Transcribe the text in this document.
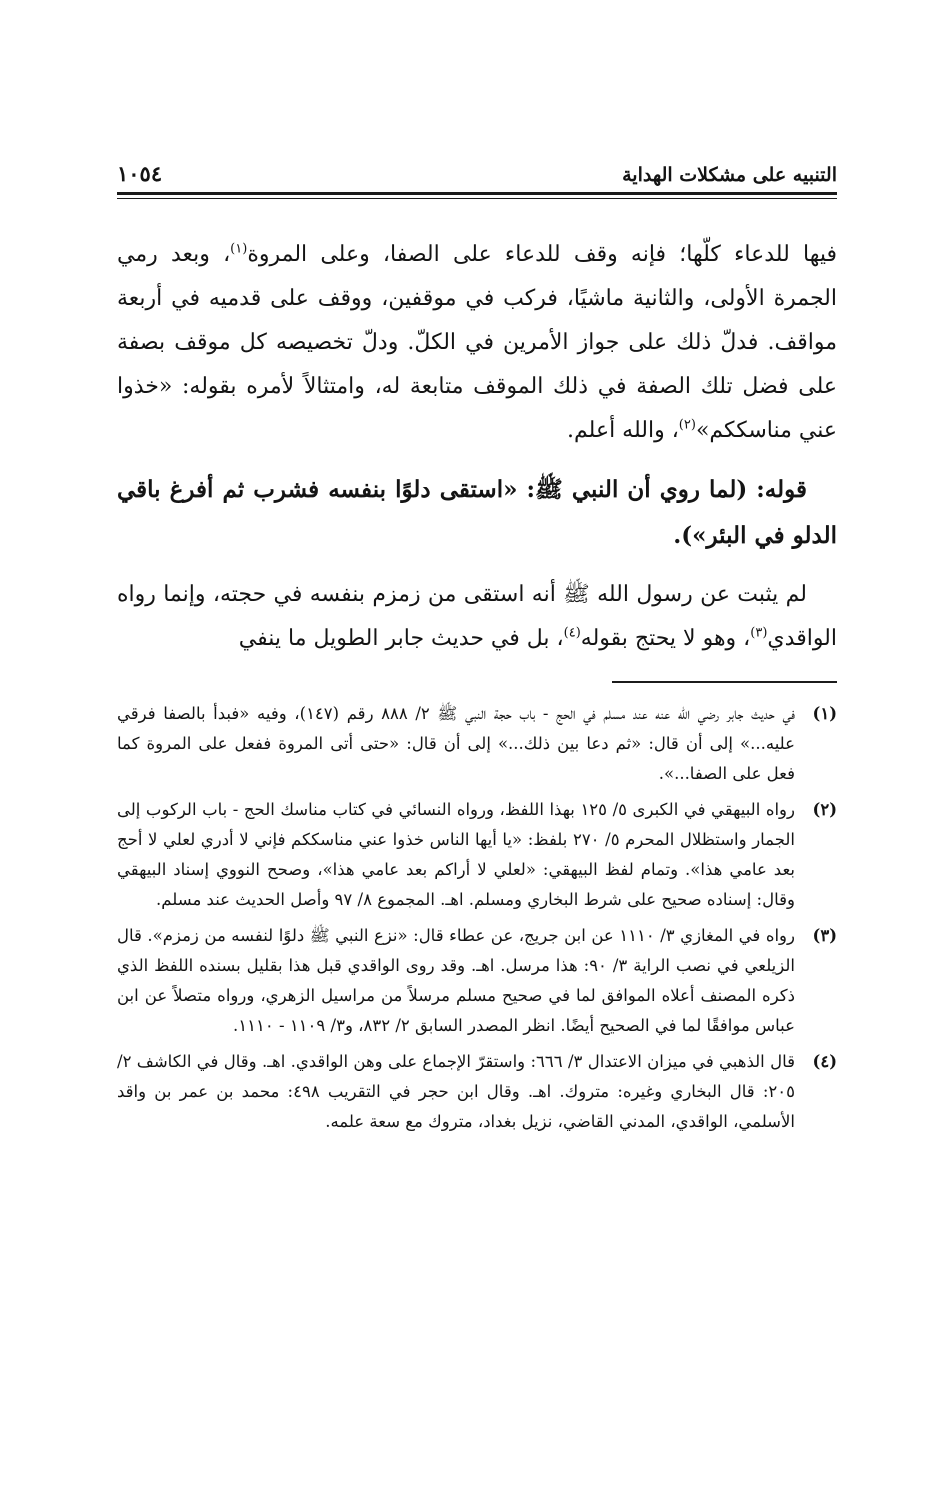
التنبيه على مشكلات الهداية
١٠٥٤

فيها للدعاء كلّها؛ فإنه وقف للدعاء على الصفا، وعلى المروة$^{(١)}$، وبعد رمي الجمرة الأولى، والثانية ماشيًا، فركب في موقفين، ووقف على قدميه في أربعة مواقف. فدلّ ذلك على جواز الأمرين في الكلّ. ودلّ تخصيصه كل موقف بصفة على فضل تلك الصفة في ذلك الموقف متابعة له، وامتثالاً لأمره بقوله: «خذوا عني مناسككم»$^{(٢)}$، والله أعلم.

قوله: (لما روي أن النبي ﷺ: «استقى دلوًا بنفسه فشرب ثم أفرغ باقي الدلو في البئر»).

لم يثبت عن رسول الله ﷺ أنه استقى من زمزم بنفسه في حجته، وإنما رواه الواقدي$^{(٣)}$، وهو لا يحتج بقوله$^{(٤)}$، بل في حديث جابر الطويل ما ينفي

(١)
في حديث جابر رضي الله عنه عند مسلم في الحج - باب حجة النبي ﷺ ٢/ ٨٨٨ رقم (١٤٧)، وفيه «فبدأ بالصفا فرقي عليه...» إلى أن قال: «ثم دعا بين ذلك...» إلى أن قال: «حتى أتى المروة ففعل على المروة كما فعل على الصفا...».
(٢)
رواه البيهقي في الكبرى ٥/ ١٢٥ بهذا اللفظ، ورواه النسائي في كتاب مناسك الحج - باب الركوب إلى الجمار واستظلال المحرم ٥/ ٢٧٠ بلفظ: «يا أيها الناس خذوا عني مناسككم فإني لا أدري لعلي لا أحج بعد عامي هذا». وتمام لفظ البيهقي: «لعلي لا أراكم بعد عامي هذا»، وصحح النووي إسناد البيهقي وقال: إسناده صحيح على شرط البخاري ومسلم. اهـ. المجموع ٨/ ٩٧ وأصل الحديث عند مسلم.
(٣)
رواه في المغازي ٣/ ١١١٠ عن ابن جريج، عن عطاء قال: «نزع النبي ﷺ دلوًا لنفسه من زمزم». قال الزيلعي في نصب الراية ٣/ ٩٠: هذا مرسل. اهـ. وقد روى الواقدي قبل هذا بقليل بسنده اللفظ الذي ذكره المصنف أعلاه الموافق لما في صحيح مسلم مرسلاً من مراسيل الزهري، ورواه متصلاً عن ابن عباس موافقًا لما في الصحيح أيضًا. انظر المصدر السابق ٢/ ٨٣٢، و٣/ ١١٠٩ - ١١١٠.
(٤)
قال الذهبي في ميزان الاعتدال ٣/ ٦٦٦: واستقرّ الإجماع على وهن الواقدي. اهـ. وقال في الكاشف ٢/ ٢٠٥: قال البخاري وغيره: متروك. اهـ. وقال ابن حجر في التقريب ٤٩٨: محمد بن عمر بن واقد الأسلمي، الواقدي، المدني القاضي، نزيل بغداد، متروك مع سعة علمه.
